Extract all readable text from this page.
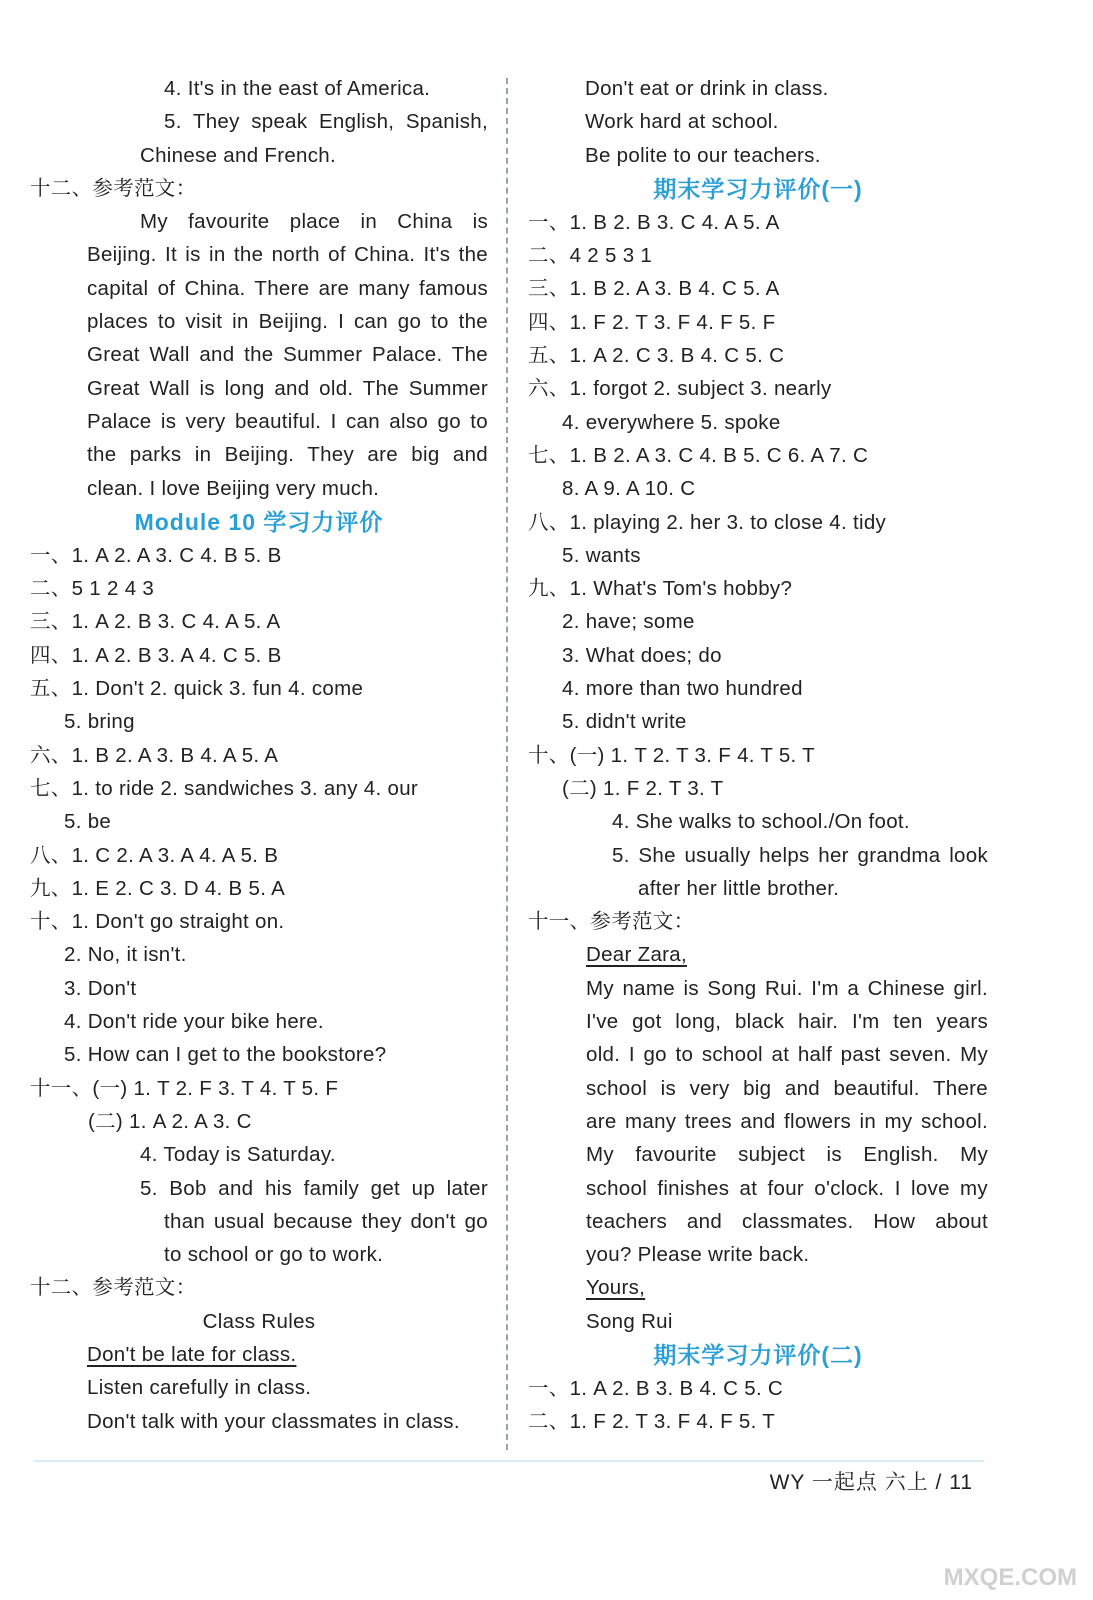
4. It's in the east of America.
5. They speak English, Spanish,
Chinese and French.
十二、参考范文：
My favourite place in China is
Beijing. It is in the north of China. It's the
capital of China. There are many famous
places to visit in Beijing. I can go to the
Great Wall and the Summer Palace. The
Great Wall is long and old. The Summer
Palace is very beautiful. I can also go to
the parks in Beijing. They are big and
clean. I love Beijing very much.
Module 10 学习力评价
一、1. A 2. A 3. C 4. B 5. B
二、5 1 2 4 3
三、1. A 2. B 3. C 4. A 5. A
四、1. A 2. B 3. A 4. C 5. B
五、1. Don't 2. quick 3. fun 4. come
5. bring
六、1. B 2. A 3. B 4. A 5. A
七、1. to ride 2. sandwiches 3. any 4. our
5. be
八、1. C 2. A 3. A 4. A 5. B
九、1. E 2. C 3. D 4. B 5. A
十、1. Don't go straight on.
2. No, it isn't.
3. Don't
4. Don't ride your bike here.
5. How can I get to the bookstore?
十一、(一) 1. T 2. F 3. T 4. T 5. F
(二) 1. A 2. A 3. C
4. Today is Saturday.
5. Bob and his family get up later
than usual because they don't go
to school or go to work.
十二、参考范文：
Class Rules
Don't be late for class.
Listen carefully in class.
Don't talk with your classmates in class.
Don't eat or drink in class.
Work hard at school.
Be polite to our teachers.
期末学习力评价(一)
一、1. B 2. B 3. C 4. A 5. A
二、4 2 5 3 1
三、1. B 2. A 3. B 4. C 5. A
四、1. F 2. T 3. F 4. F 5. F
五、1. A 2. C 3. B 4. C 5. C
六、1. forgot 2. subject 3. nearly
4. everywhere 5. spoke
七、1. B 2. A 3. C 4. B 5. C 6. A 7. C
8. A 9. A 10. C
八、1. playing 2. her 3. to close 4. tidy
5. wants
九、1. What's Tom's hobby?
2. have; some
3. What does; do
4. more than two hundred
5. didn't write
十、(一) 1. T 2. T 3. F 4. T 5. T
(二) 1. F 2. T 3. T
4. She walks to school./On foot.
5. She usually helps her grandma look
after her little brother.
十一、参考范文：
Dear Zara,
My name is Song Rui. I'm a Chinese girl.
I've got long, black hair. I'm ten years
old. I go to school at half past seven. My
school is very big and beautiful. There
are many trees and flowers in my school.
My favourite subject is English. My
school finishes at four o'clock. I love my
teachers and classmates. How about
you? Please write back.
Yours,
Song Rui
期末学习力评价(二)
一、1. A 2. B 3. B 4. C 5. C
二、1. F 2. T 3. F 4. F 5. T
WY 一起点 六上 / 11
MXQE.COM
